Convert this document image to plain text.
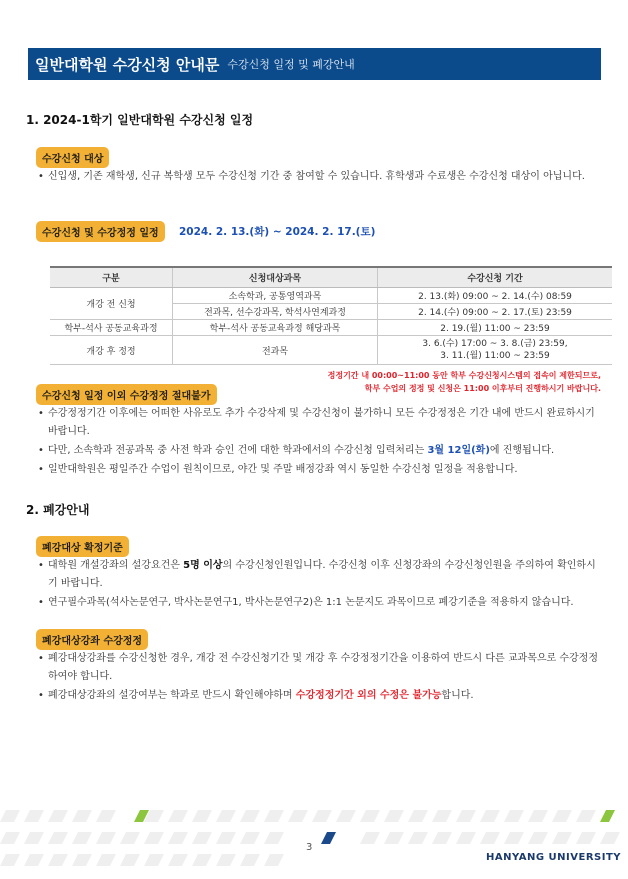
일반대학원 수강신청 안내문 수강신청 일정 및 폐강안내
1. 2024-1학기 일반대학원 수강신청 일정
수강신청 대상
• 신입생, 기존 재학생, 신규 복학생 모두 수강신청 기간 중 참여할 수 있습니다. 휴학생과 수료생은 수강신청 대상이 아닙니다.
수강신청 및 수강정정 일정	2024. 2. 13.(화) ~ 2024. 2. 17.(토)
구분	신청대상과목	수강신청 기간
개강 전 신청	소속학과, 공통영역과목	2. 13.(화) 09:00 ~ 2. 14.(수) 08:59
	전과목, 선수강과목, 학석사연계과정	2. 14.(수) 09:00 ~ 2. 17.(토) 23:59
학부-석사 공동교육과정	학부-석사 공동교육과정 해당과목	2. 19.(월) 11:00 ~ 23:59
개강 후 정정	전과목	3. 6.(수) 17:00 ~ 3. 8.(금) 23:59,
3. 11.(월) 11:00 ~ 23:59
정정기간 내 00:00~11:00 동안 학부 수강신청시스템의 접속이 제한되므로,
학부 수업의 정정 및 신청은 11:00 이후부터 진행하시기 바랍니다.
수강신청 일정 이외 수강정정 절대불가
• 수강정정기간 이후에는 어떠한 사유로도 추가 수강삭제 및 수강신청이 불가하니 모든 수강정정은 기간 내에 반드시 완료하시기 바랍니다.
• 다만, 소속학과 전공과목 중 사전 학과 승인 건에 대한 학과에서의 수강신청 입력처리는 3월 12일(화)에 진행됩니다.
• 일반대학원은 평일주간 수업이 원칙이므로, 야간 및 주말 배정강좌 역시 동일한 수강신청 일정을 적용합니다.
2. 폐강안내
폐강대상 확정기준
• 대학원 개설강좌의 설강요건은 5명 이상의 수강신청인원입니다. 수강신청 이후 신청강좌의 수강신청인원을 주의하여 확인하시기 바랍니다.
• 연구필수과목(석사논문연구, 박사논문연구1, 박사논문연구2)은 1:1 논문지도 과목이므로 폐강기준을 적용하지 않습니다.
폐강대상강좌 수강정정
• 폐강대상강좌를 수강신청한 경우, 개강 전 수강신청기간 및 개강 후 수강정정기간을 이용하여 반드시 다른 교과목으로 수강정정하여야 합니다.
• 폐강대상강좌의 설강여부는 학과로 반드시 확인해야하며 수강정정기간 외의 수정은 불가능합니다.
3
HANYANG UNIVERSITY
